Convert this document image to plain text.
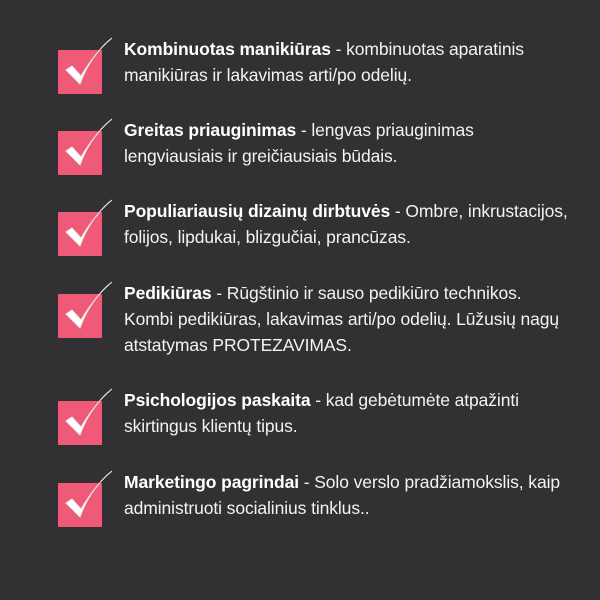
Kombinuotas manikiūras - kombinuotas aparatinis manikiūras ir lakavimas arti/po odelių.
Greitas priauginimas - lengvas priauginimas lengviausiais ir greičiausiais būdais.
Populiariausių dizainų dirbtuvės - Ombre, inkrustacijos, folijos, lipdukai, blizgučiai, prancūzas.
Pedikiūras - Rūgštinio ir sauso pedikiūro technikos. Kombi pedikiūras, lakavimas arti/po odelių. Lūžusių nagų atstatymas PROTEZAVIMAS.
Psichologijos paskaita - kad gebėtumėte atpažinti skirtingus klientų tipus.
Marketingo pagrindai - Solo verslo pradžiamokslis, kaip administruoti socialinius tinklus..
